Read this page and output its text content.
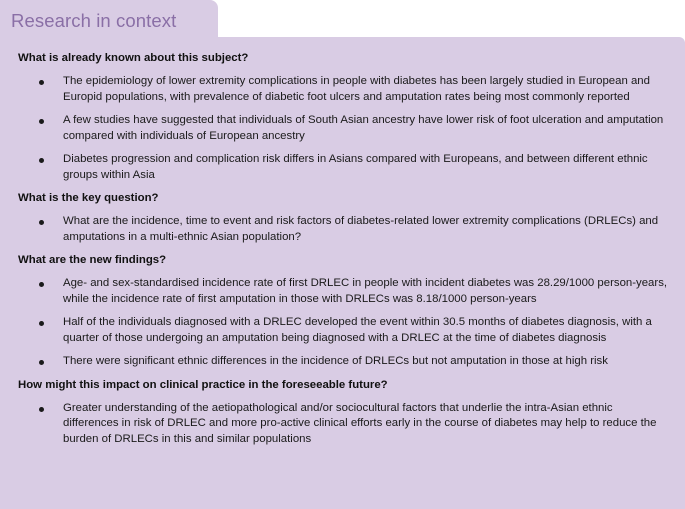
Research in context
What is already known about this subject?
The epidemiology of lower extremity complications in people with diabetes has been largely studied in European and Europid populations, with prevalence of diabetic foot ulcers and amputation rates being most commonly reported
A few studies have suggested that individuals of South Asian ancestry have lower risk of foot ulceration and amputation compared with individuals of European ancestry
Diabetes progression and complication risk differs in Asians compared with Europeans, and between different ethnic groups within Asia
What is the key question?
What are the incidence, time to event and risk factors of diabetes-related lower extremity complications (DRLECs) and amputations in a multi-ethnic Asian population?
What are the new findings?
Age- and sex-standardised incidence rate of first DRLEC in people with incident diabetes was 28.29/1000 person-years, while the incidence rate of first amputation in those with DRLECs was 8.18/1000 person-years
Half of the individuals diagnosed with a DRLEC developed the event within 30.5 months of diabetes diagnosis, with a quarter of those undergoing an amputation being diagnosed with a DRLEC at the time of diabetes diagnosis
There were significant ethnic differences in the incidence of DRLECs but not amputation in those at high risk
How might this impact on clinical practice in the foreseeable future?
Greater understanding of the aetiopathological and/or sociocultural factors that underlie the intra-Asian ethnic differences in risk of DRLEC and more pro-active clinical efforts early in the course of diabetes may help to reduce the burden of DRLECs in this and similar populations
